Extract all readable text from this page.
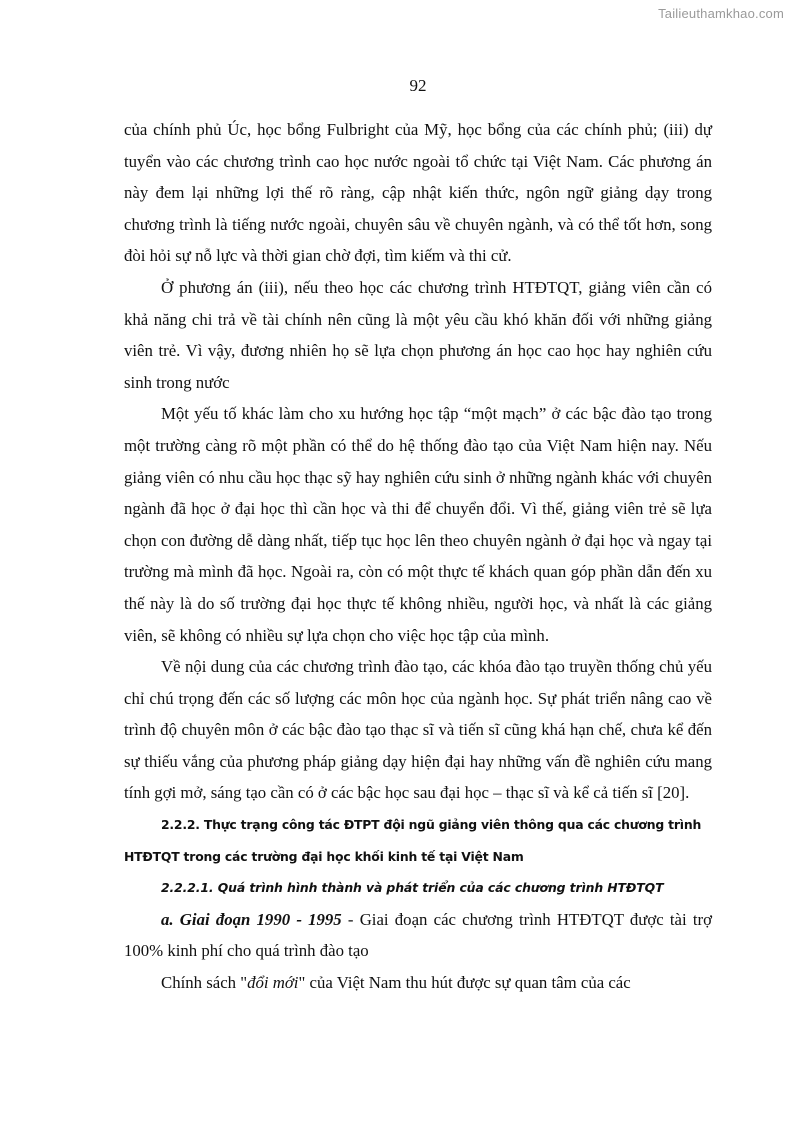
Tailieuthamkhao.com
92

của chính phủ Úc, học bổng Fulbright của Mỹ, học bổng của các chính phủ; (iii) dự tuyển vào các chương trình cao học nước ngoài tổ chức tại Việt Nam. Các phương án này đem lại những lợi thế rõ ràng, cập nhật kiến thức, ngôn ngữ giảng dạy trong chương trình là tiếng nước ngoài, chuyên sâu về chuyên ngành, và có thể tốt hơn, song đòi hỏi sự nỗ lực và thời gian chờ đợi, tìm kiếm và thi cử.

Ở phương án (iii), nếu theo học các chương trình HTĐTQT, giảng viên cần có khả năng chi trả về tài chính nên cũng là một yêu cầu khó khăn đối với những giảng viên trẻ. Vì vậy, đương nhiên họ sẽ lựa chọn phương án học cao học hay nghiên cứu sinh trong nước

Một yếu tố khác làm cho xu hướng học tập “một mạch” ở các bậc đào tạo trong một trường càng rõ một phần có thể do hệ thống đào tạo của Việt Nam hiện nay. Nếu giảng viên có nhu cầu học thạc sỹ hay nghiên cứu sinh ở những ngành khác với chuyên ngành đã học ở đại học thì cần học và thi để chuyển đổi. Vì thế, giảng viên trẻ sẽ lựa chọn con đường dễ dàng nhất, tiếp tục học lên theo chuyên ngành ở đại học và ngay tại trường mà mình đã học. Ngoài ra, còn có một thực tế khách quan góp phần dẫn đến xu thế này là do số trường đại học thực tế không nhiều, người học, và nhất là các giảng viên, sẽ không có nhiều sự lựa chọn cho việc học tập của mình.

Về nội dung của các chương trình đào tạo, các khóa đào tạo truyền thống chủ yếu chỉ chú trọng đến các số lượng các môn học của ngành học. Sự phát triển nâng cao về trình độ chuyên môn ở các bậc đào tạo thạc sĩ và tiến sĩ cũng khá hạn chế, chưa kể đến sự thiếu vắng của phương pháp giảng dạy hiện đại hay những vấn đề nghiên cứu mang tính gợi mở, sáng tạo cần có ở các bậc học sau đại học – thạc sĩ và kể cả tiến sĩ [20].

2.2.2. Thực trạng công tác ĐTPT đội ngũ giảng viên thông qua các chương trình HTĐTQT trong các trường đại học khối kinh tế tại Việt Nam

2.2.2.1. Quá trình hình thành và phát triển của các chương trình HTĐTQT

a. Giai đoạn 1990 - 1995 - Giai đoạn các chương trình HTĐTQT được tài trợ 100% kinh phí cho quá trình đào tạo

Chính sách "đổi mới" của Việt Nam thu hút được sự quan tâm của các
